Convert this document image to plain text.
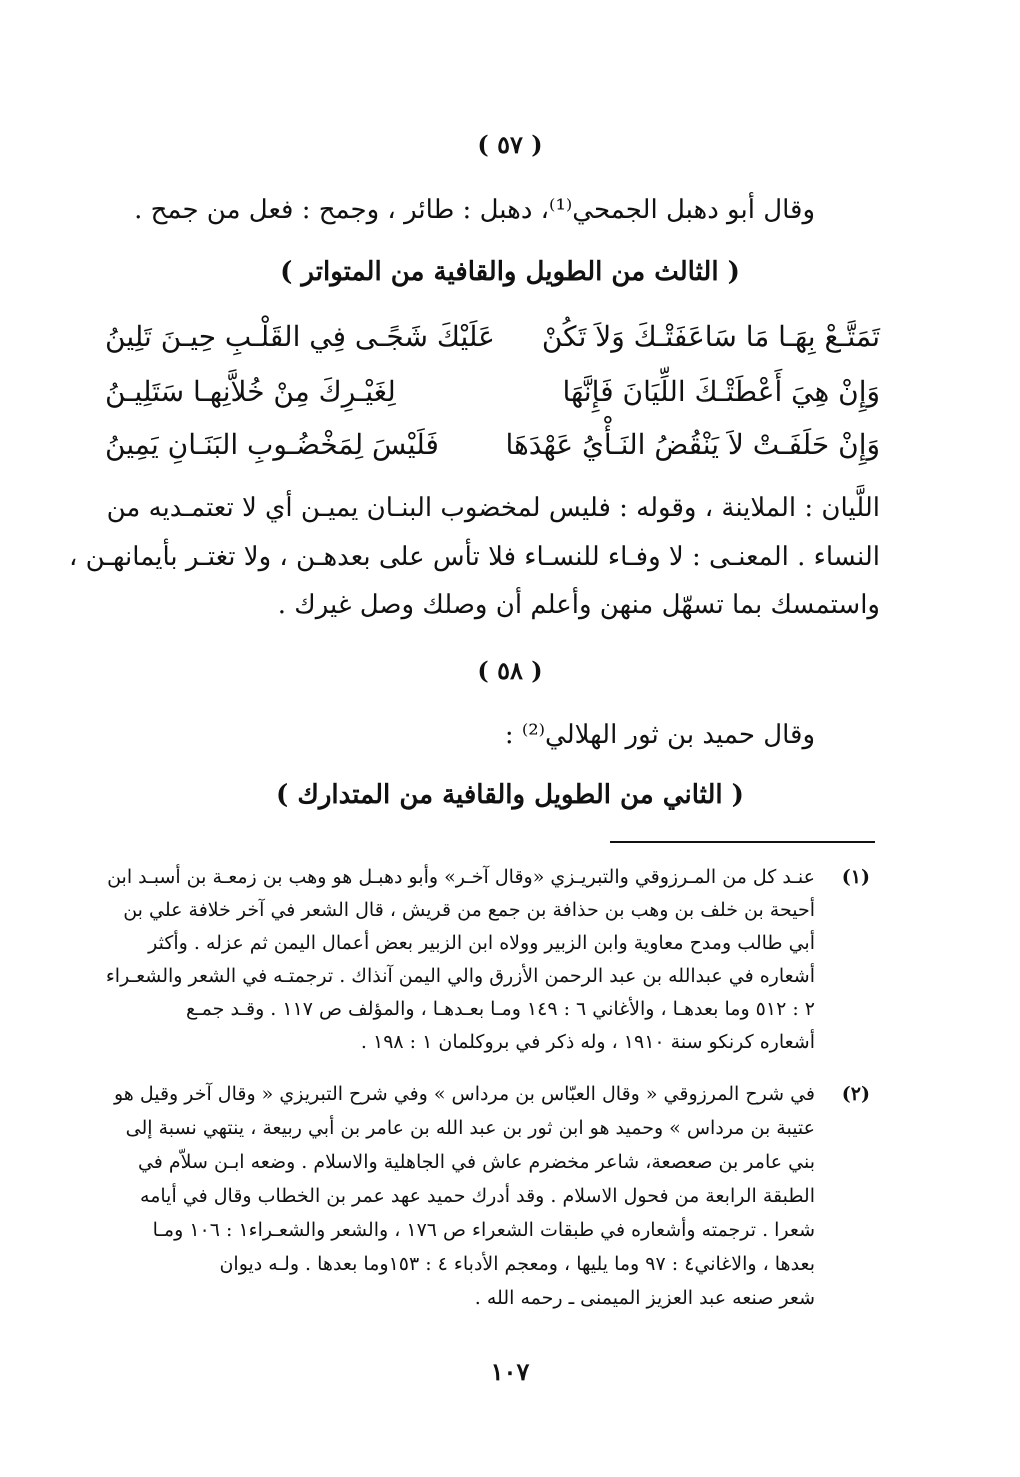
( ٥٧ )
وقال أبو دهبل الجمحي⁽¹⁾، دهبل : طائر ، وجمح : فعل من جمح .
( الثالث من الطويل والقافية من المتواتر )
تَمَتَّـعْ بِهَـا مَا سَاعَفَتْـكَ وَلاَ تَكُنْ
عَلَيْكَ شَجًـى فِي القَلْـبِ حِيـنَ تَلِينُ
وَإِنْ هِيَ أَعْطَتْـكَ اللِّيَانَ فَإِنَّهَا
لِغَيْـرِكَ مِنْ خُلاَّنِهـا سَتَلِيـنُ
وَإِنْ حَلَفَـتْ لاَ يَنْقُضُ النَـأْيُ عَهْدَهَا
فَلَيْسَ لِمَخْضُـوبِ البَنَـانِ يَمِينُ
اللَّيان : الملاينة ، وقوله : فليس لمخضوب البنـان يميـن أي لا تعتمـديه من
النساء . المعنـى : لا وفـاء للنسـاء فلا تأس على بعدهـن ، ولا تغتـر بأيمانهـن ،
واستمسك بما تسهّل منهن وأعلم أن وصلك وصل غيرك .
( ٥٨ )
وقال حميد بن ثور الهلالي⁽²⁾ :
( الثاني من الطويل والقافية من المتدارك )
(١)
عنـد كل من المـرزوقي والتبريـزي «وقال آخـر» وأبو دهبـل هو وهب بن زمعـة بن أسبـد ابن
أحيحة بن خلف بن وهب بن حذافة بن جمع من قريش ، قال الشعر في آخر خلافة علي بن
أبي طالب ومدح معاوية وابن الزبير وولاه ابن الزبير بعض أعمال اليمن ثم عزله . وأكثر
أشعاره في عبدالله بن عبد الرحمن الأزرق والي اليمن آنذاك . ترجمتـه في الشعر والشعـراء
٢ : ٥١٢ وما بعدهـا ، والأغاني ٦ : ١٤٩ ومـا بعـدهـا ، والمؤلف ص ١١٧ . وقـد جمـع
أشعاره كرنكو سنة ١٩١٠ ، وله ذكر في بروكلمان ١ : ١٩٨ .
(٢)
في شرح المرزوقي « وقال العبّاس بن مرداس » وفي شرح التبريزي « وقال آخر وقيل هو
عتيبة بن مرداس » وحميد هو ابن ثور بن عبد الله بن عامر بن أبي ربيعة ، ينتهي نسبة إلى
بني عامر بن صعصعة، شاعر مخضرم عاش في الجاهلية والاسلام . وضعه ابـن سلاّم في
الطبقة الرابعة من فحول الاسلام . وقد أدرك حميد عهد عمر بن الخطاب وقال في أيامه
شعرا . ترجمته وأشعاره في طبقات الشعراء ص ١٧٦ ، والشعر والشعـراء١ : ١٠٦ ومـا
بعدها ، والاغاني٤ : ٩٧ وما يليها ، ومعجم الأدباء ٤ : ١٥٣وما بعدها . ولـه ديوان
شعر صنعه عبد العزيز الميمنى ـ رحمه الله .
١٠٧
